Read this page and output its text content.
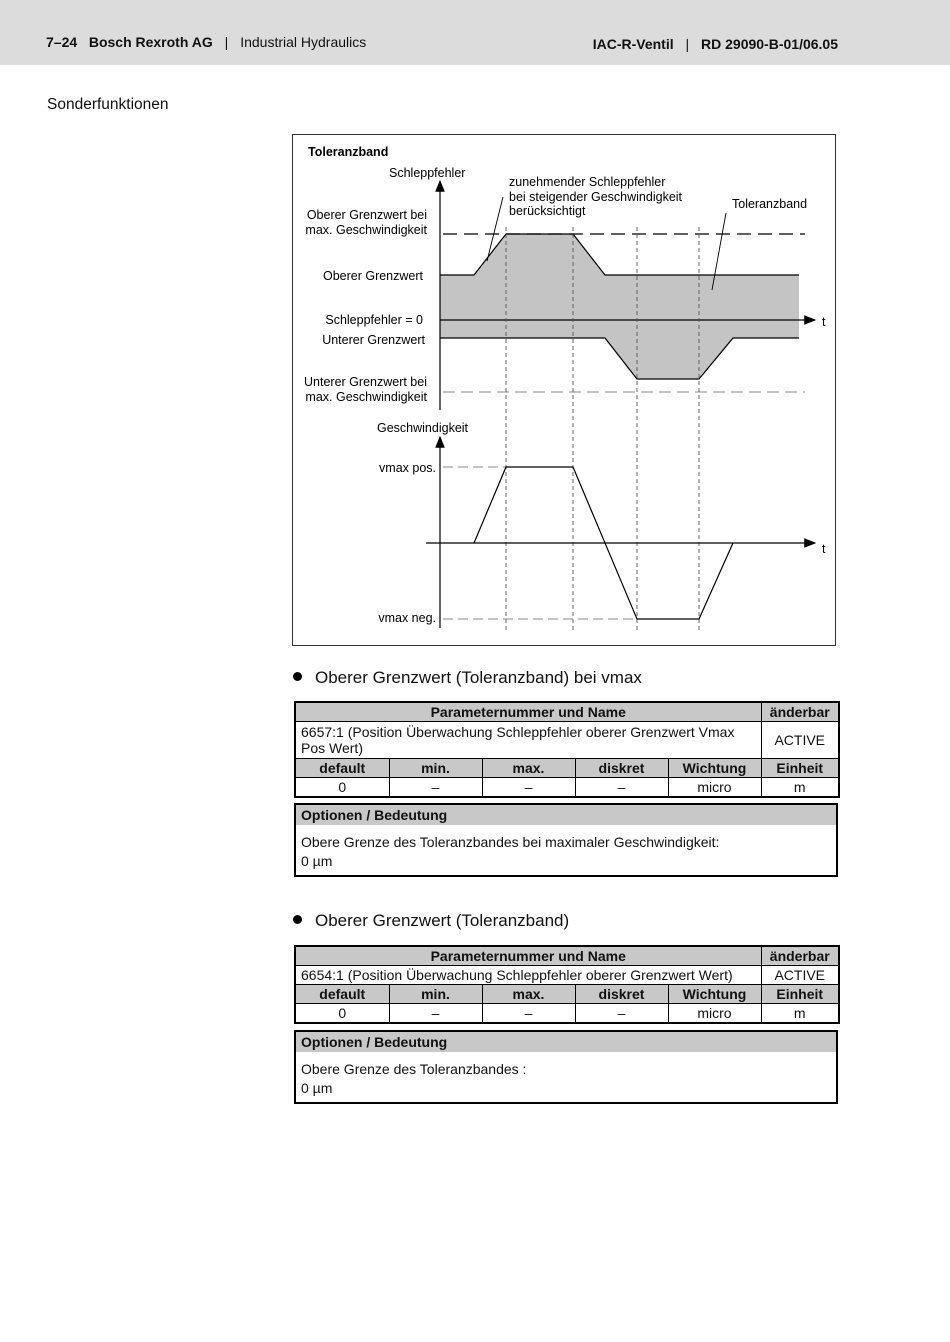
7–24 Bosch Rexroth AG | Industrial Hydraulics	IAC-R-Ventil | RD 29090-B-01/06.05
Sonderfunktionen
Toleranzband
Schleppfehler
zunehmender Schleppfehler
bei steigender Geschwindigkeit
berücksichtigt	Toleranzband
Oberer Grenzwert bei
max. Geschwindigkeit
Oberer Grenzwert
Schleppfehler = 0
Unterer Grenzwert
Unterer Grenzwert bei
max. Geschwindigkeit
t
Geschwindigkeit
vmax pos.
vmax neg.
t
Oberer Grenzwert (Toleranzband) bei vmax
Parameternummer und Name					änderbar
6657:1 (Position Überwachung Schleppfehler oberer Grenzwert Vmax Pos Wert)					ACTIVE
default	min.	max.	diskret	Wichtung	Einheit
0	–	–	–	micro	m
Optionen / Bedeutung
Obere Grenze des Toleranzbandes bei maximaler Geschwindigkeit:
0 µm
Oberer Grenzwert (Toleranzband)
Parameternummer und Name					änderbar
6654:1 (Position Überwachung Schleppfehler oberer Grenzwert Wert)					ACTIVE
default	min.	max.	diskret	Wichtung	Einheit
0	–	–	–	micro	m
Optionen / Bedeutung
Obere Grenze des Toleranzbandes :
0 µm
